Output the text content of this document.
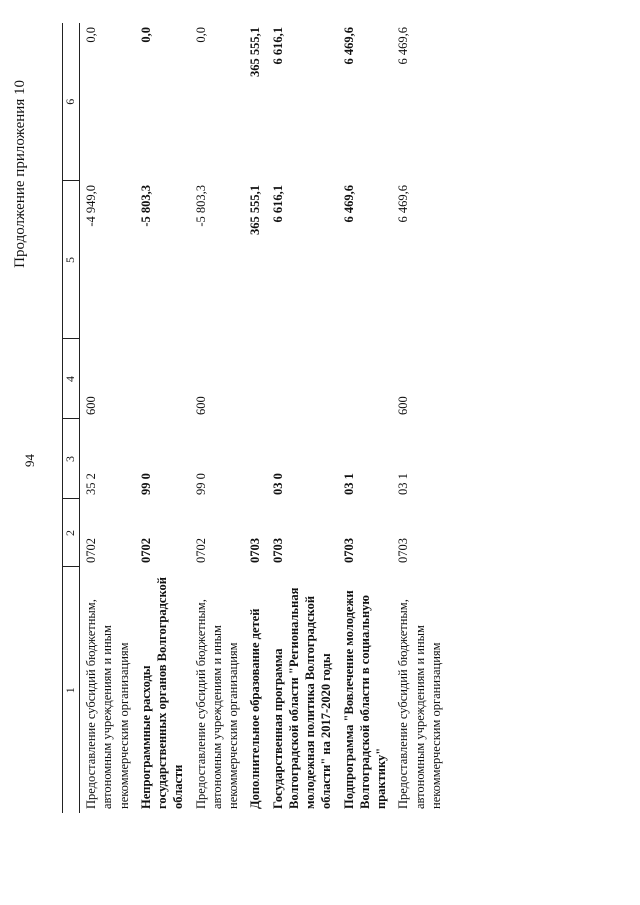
94
Продолжение приложения 10
1	2	3	4	5	6
Предоставление субсидий бюджетным, автономным учреждениям и иным некоммерческим организациям	0702	35 2	600	-4 949,0	0,0
Непрограммные расходы государственных органов Волгоградской области	0702	99 0		-5 803,3	0,0
Предоставление субсидий бюджетным, автономным учреждениям и иным некоммерческим организациям	0702	99 0	600	-5 803,3	0,0
Дополнительное образование детей	0703			365 555,1	365 555,1
Государственная программа Волгоградской области "Региональная молодежная политика Волгоградской области" на 2017-2020 годы	0703	03 0		6 616,1	6 616,1
Подпрограмма "Вовлечение молодежи Волгоградской области в социальную практику"	0703	03 1		6 469,6	6 469,6
Предоставление субсидий бюджетным, автономным учреждениям и иным некоммерческим организациям	0703	03 1	600	6 469,6	6 469,6
